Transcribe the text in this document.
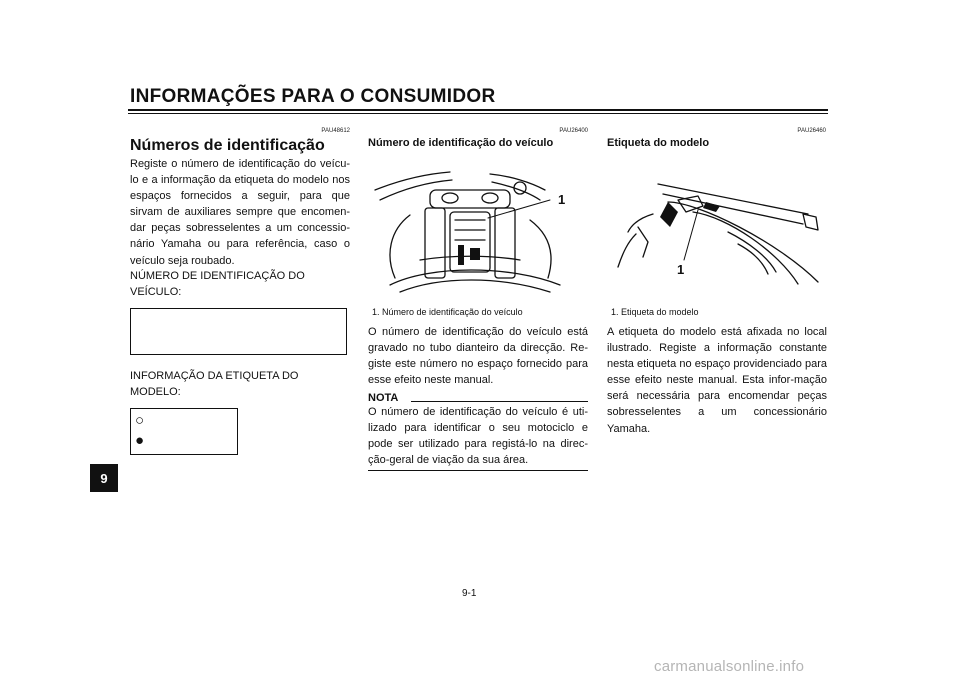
INFORMAÇÕES PARA O CONSUMIDOR
9
PAU48612
Números de identificação
Registe o número de identificação do veícu-lo e a informação da etiqueta do modelo nos espaços fornecidos a seguir, para que sirvam de auxiliares sempre que encomen-dar peças sobresselentes a um concessio-nário Yamaha ou para referência, caso o veículo seja roubado.
NÚMERO DE IDENTIFICAÇÃO DO
VEÍCULO:
INFORMAÇÃO DA ETIQUETA DO
MODELO:
○
●
PAU26400
Número de identificação do veículo
1
1. Número de identificação do veículo
O número de identificação do veículo está gravado no tubo dianteiro da direcção. Re-giste este número no espaço fornecido para esse efeito neste manual.
NOTA
O número de identificação do veículo é uti-lizado para identificar o seu motociclo e pode ser utilizado para registá-lo na direc-ção-geral de viação da sua área.
PAU26460
Etiqueta do modelo
1
1. Etiqueta do modelo
A etiqueta do modelo está afixada no local ilustrado. Registe a informação constante nesta etiqueta no espaço providenciado para esse efeito neste manual. Esta infor-mação será necessária para encomendar peças sobresselentes a um concessionário Yamaha.
9-1
carmanualsonline.info
